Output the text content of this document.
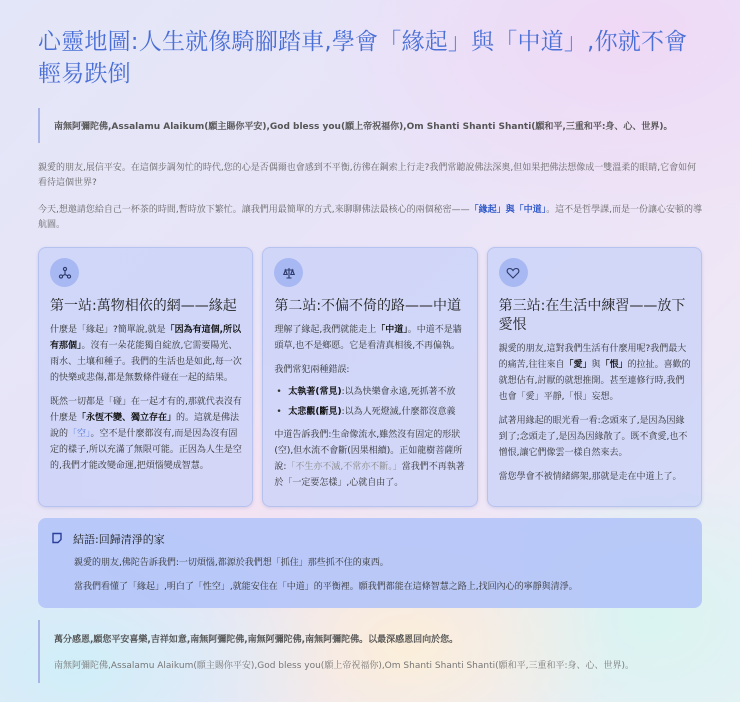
心靈地圖:人生就像騎腳踏車,學會「緣起」與「中道」,你就不會輕易跌倒
南無阿彌陀佛,Assalamu Alaikum(願主賜你平安),God bless you(願上帝祝福你),Om Shanti Shanti Shanti(願和平,三重和平:身、心、世界)。

親愛的朋友,展信平安。在這個步調匆忙的時代,您的心是否偶爾也會感到不平衡,彷彿在鋼索上行走?我們常聽說佛法深奧,但如果把佛法想像成一雙溫柔的眼睛,它會如何看待這個世界?

今天,想邀請您給自己一杯茶的時間,暫時放下繁忙。讓我們用最簡單的方式,來聊聊佛法最核心的兩個秘密——「緣起」與「中道」。這不是哲學課,而是一份讓心安頓的導航圖。

第一站:萬物相依的網——緣起

什麼是「緣起」?簡單說,就是「因為有這個,所以有那個」。沒有一朵花能獨自綻放,它需要陽光、雨水、土壤和種子。我們的生活也是如此,每一次的快樂或悲傷,都是無數條件碰在一起的結果。

既然一切都是「碰」在一起才有的,那就代表沒有什麼是「永恆不變、獨立存在」的。這就是佛法說的「空」。空不是什麼都沒有,而是因為沒有固定的樣子,所以充滿了無限可能。正因為人生是空的,我們才能改變命運,把煩惱變成智慧。

第二站:不偏不倚的路——中道

理解了緣起,我們就能走上「中道」。中道不是牆頭草,也不是鄉愿。它是看清真相後,不再偏執。

我們常犯兩種錯誤:

• 太執著(常見):以為快樂會永遠,死抓著不放
• 太悲觀(斷見):以為人死燈滅,什麼都沒意義

中道告訴我們:生命像流水,雖然沒有固定的形狀(空),但水流不會斷(因果相續)。正如龍樹菩薩所說:「不生亦不滅,不常亦不斷。」當我們不再執著於「一定要怎樣」,心就自由了。

第三站:在生活中練習——放下愛恨

親愛的朋友,這對我們生活有什麼用呢?我們最大的痛苦,往往來自「愛」與「恨」的拉扯。喜歡的就想佔有,討厭的就想推開。甚至連修行時,我們也會「愛」平靜,「恨」妄想。

試著用緣起的眼光看一看:念頭來了,是因為因緣到了;念頭走了,是因為因緣散了。既不貪愛,也不憎恨,讓它們像雲一樣自然來去。

當您學會不被情緒綁架,那就是走在中道上了。

結語:回歸清淨的家

親愛的朋友,佛陀告訴我們:一切煩惱,都源於我們想「抓住」那些抓不住的東西。

當我們看懂了「緣起」,明白了「性空」,就能安住在「中道」的平衡裡。願我們都能在這條智慧之路上,找回內心的寧靜與清淨。

萬分感恩,願您平安喜樂,吉祥如意,南無阿彌陀佛,南無阿彌陀佛,南無阿彌陀佛。以最深感恩回向於您。
南無阿彌陀佛,Assalamu Alaikum(願主賜你平安),God bless you(願上帝祝福你),Om Shanti Shanti Shanti(願和平,三重和平:身、心、世界)。
